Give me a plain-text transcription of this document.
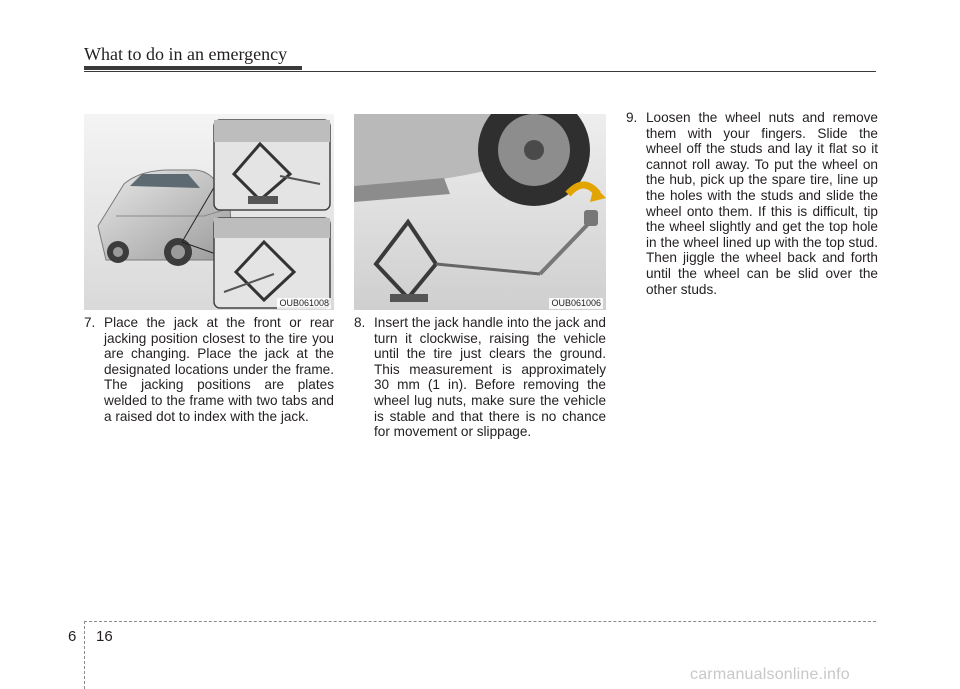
What to do in an emergency
OUB061008	OUB061006
7. Place the jack at the front or rear jacking position closest to the tire you are changing. Place the jack at the designated locations under the frame. The jacking positions are plates welded to the frame with two tabs and a raised dot to index with the jack.
8. Insert the jack handle into the jack and turn it clockwise, raising the vehicle until the tire just clears the ground. This measurement is approximately 30 mm (1 in). Before removing the wheel lug nuts, make sure the vehicle is stable and that there is no chance for movement or slippage.
9. Loosen the wheel nuts and remove them with your fingers. Slide the wheel off the studs and lay it flat so it cannot roll away. To put the wheel on the hub, pick up the spare tire, line up the holes with the studs and slide the wheel onto them. If this is difficult, tip the wheel slightly and get the top hole in the wheel lined up with the top stud. Then jiggle the wheel back and forth until the wheel can be slid over the other studs.
6 16
carmanualsonline.info
